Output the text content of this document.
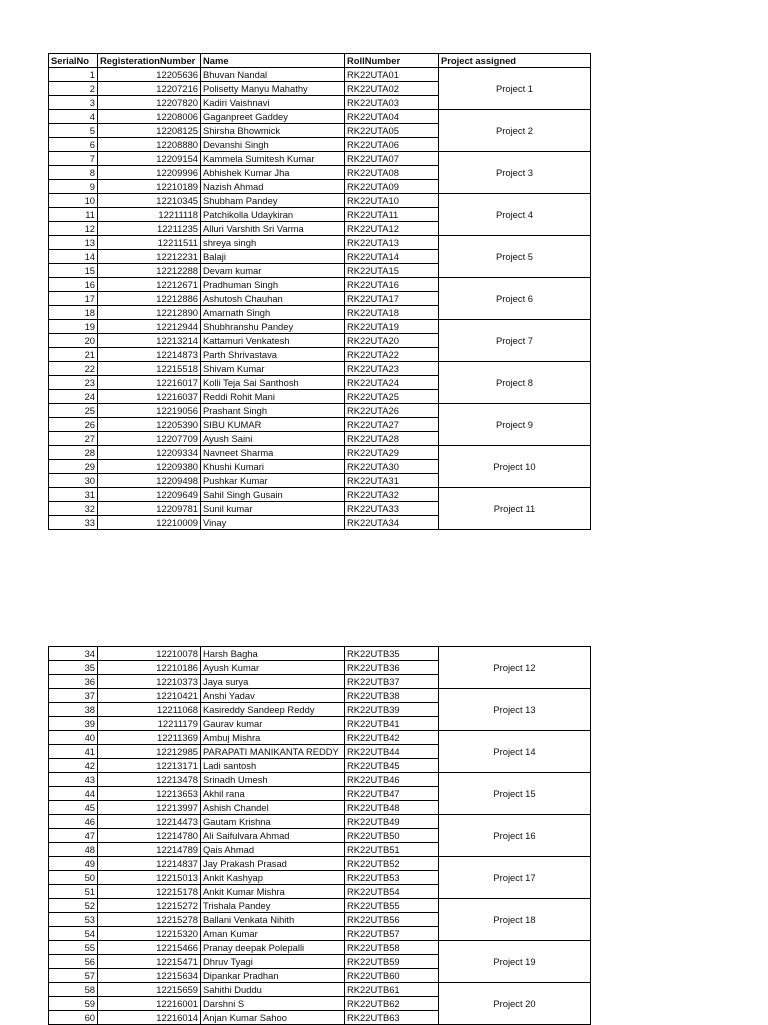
SerialNo	RegisterationNumber	Name	RollNumber	Project assigned
1	12205636	Bhuvan Nandal	RK22UTA01	Project 1
2	12207216	Polisetty Manyu Mahathy	RK22UTA02	
3	12207820	Kadiri Vaishnavi	RK22UTA03	
4	12208006	Gaganpreet Gaddey	RK22UTA04	Project 2
5	12208125	Shirsha Bhowmick	RK22UTA05	
6	12208880	Devanshi Singh	RK22UTA06	
7	12209154	Kammela Sumitesh Kumar	RK22UTA07	Project 3
8	12209996	Abhishek Kumar Jha	RK22UTA08	
9	12210189	Nazish Ahmad	RK22UTA09	
10	12210345	Shubham Pandey	RK22UTA10	Project 4
11	12211118	Patchikolla Udaykiran	RK22UTA11	
12	12211235	Alluri Varshith Sri Varma	RK22UTA12	
13	12211511	shreya singh	RK22UTA13	Project 5
14	12212231	Balaji	RK22UTA14	
15	12212288	Devam kumar	RK22UTA15	
16	12212671	Pradhuman Singh	RK22UTA16	Project 6
17	12212886	Ashutosh Chauhan	RK22UTA17	
18	12212890	Amarnath Singh	RK22UTA18	
19	12212944	Shubhranshu Pandey	RK22UTA19	Project 7
20	12213214	Kattamuri Venkatesh	RK22UTA20	
21	12214873	Parth Shrivastava	RK22UTA22	
22	12215518	Shivam Kumar	RK22UTA23	Project 8
23	12216017	Kolli Teja Sai Santhosh	RK22UTA24	
24	12216037	Reddi Rohit Mani	RK22UTA25	
25	12219056	Prashant Singh	RK22UTA26	Project 9
26	12205390	SIBU KUMAR	RK22UTA27	
27	12207709	Ayush Saini	RK22UTA28	
28	12209334	Navneet Sharma	RK22UTA29	Project 10
29	12209380	Khushi Kumari	RK22UTA30	
30	12209498	Pushkar Kumar	RK22UTA31	
31	12209649	Sahil Singh Gusain	RK22UTA32	Project 11
32	12209781	Sunil kumar	RK22UTA33	
33	12210009	Vinay	RK22UTA34	
34	12210078	Harsh Bagha	RK22UTB35	Project 12
35	12210186	Ayush Kumar	RK22UTB36	
36	12210373	Jaya surya	RK22UTB37	
37	12210421	Anshi Yadav	RK22UTB38	Project 13
38	12211068	Kasireddy Sandeep Reddy	RK22UTB39	
39	12211179	Gaurav kumar	RK22UTB41	
40	12211369	Ambuj Mishra	RK22UTB42	Project 14
41	12212985	PARAPATI MANIKANTA REDDY	RK22UTB44	
42	12213171	Ladi santosh	RK22UTB45	
43	12213478	Srinadh Umesh	RK22UTB46	Project 15
44	12213653	Akhil rana	RK22UTB47	
45	12213997	Ashish Chandel	RK22UTB48	
46	12214473	Gautam Krishna	RK22UTB49	Project 16
47	12214780	Ali Saifulvara Ahmad	RK22UTB50	
48	12214789	Qais Ahmad	RK22UTB51	
49	12214837	Jay Prakash Prasad	RK22UTB52	Project 17
50	12215013	Ankit Kashyap	RK22UTB53	
51	12215178	Ankit Kumar Mishra	RK22UTB54	
52	12215272	Trishala Pandey	RK22UTB55	Project 18
53	12215278	Ballani Venkata Nihith	RK22UTB56	
54	12215320	Aman Kumar	RK22UTB57	
55	12215466	Pranay deepak Polepalli	RK22UTB58	Project 19
56	12215471	Dhruv Tyagi	RK22UTB59	
57	12215634	Dipankar Pradhan	RK22UTB60	
58	12215659	Sahithi Duddu	RK22UTB61	Project 20
59	12216001	Darshni S	RK22UTB62	
60	12216014	Anjan Kumar Sahoo	RK22UTB63	
